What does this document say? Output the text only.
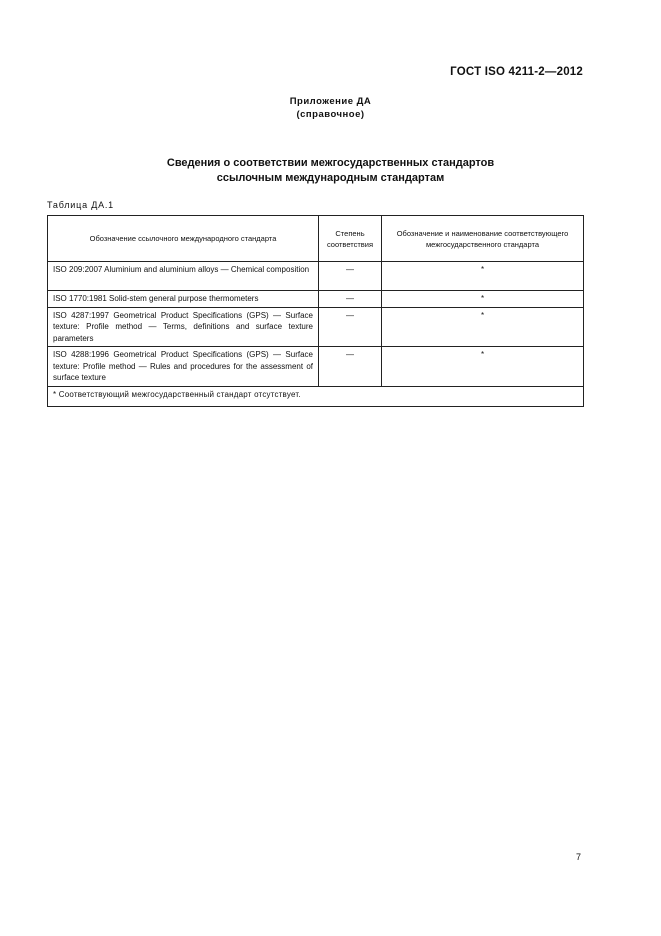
ГОСТ ISO 4211-2—2012
Приложение ДА
(справочное)
Сведения о соответствии межгосударственных стандартов
ссылочным международным стандартам
Таблица ДА.1
Обозначение ссылочного международного стандарта	Степень соответствия	Обозначение и наименование соответствующего межгосударственного стандарта
ISO 209:2007 Aluminium and aluminium alloys — Chemical composition	—	*
ISO 1770:1981 Solid-stem general purpose thermometers	—	*
ISO 4287:1997 Geometrical Product Specifications (GPS) — Surface texture: Profile method — Terms, definitions and surface texture parameters	—	*
ISO 4288:1996 Geometrical Product Specifications (GPS) — Surface texture: Profile method — Rules and procedures for the assessment of surface texture	—	*
* Соответствующий межгосударственный стандарт отсутствует.		
7
